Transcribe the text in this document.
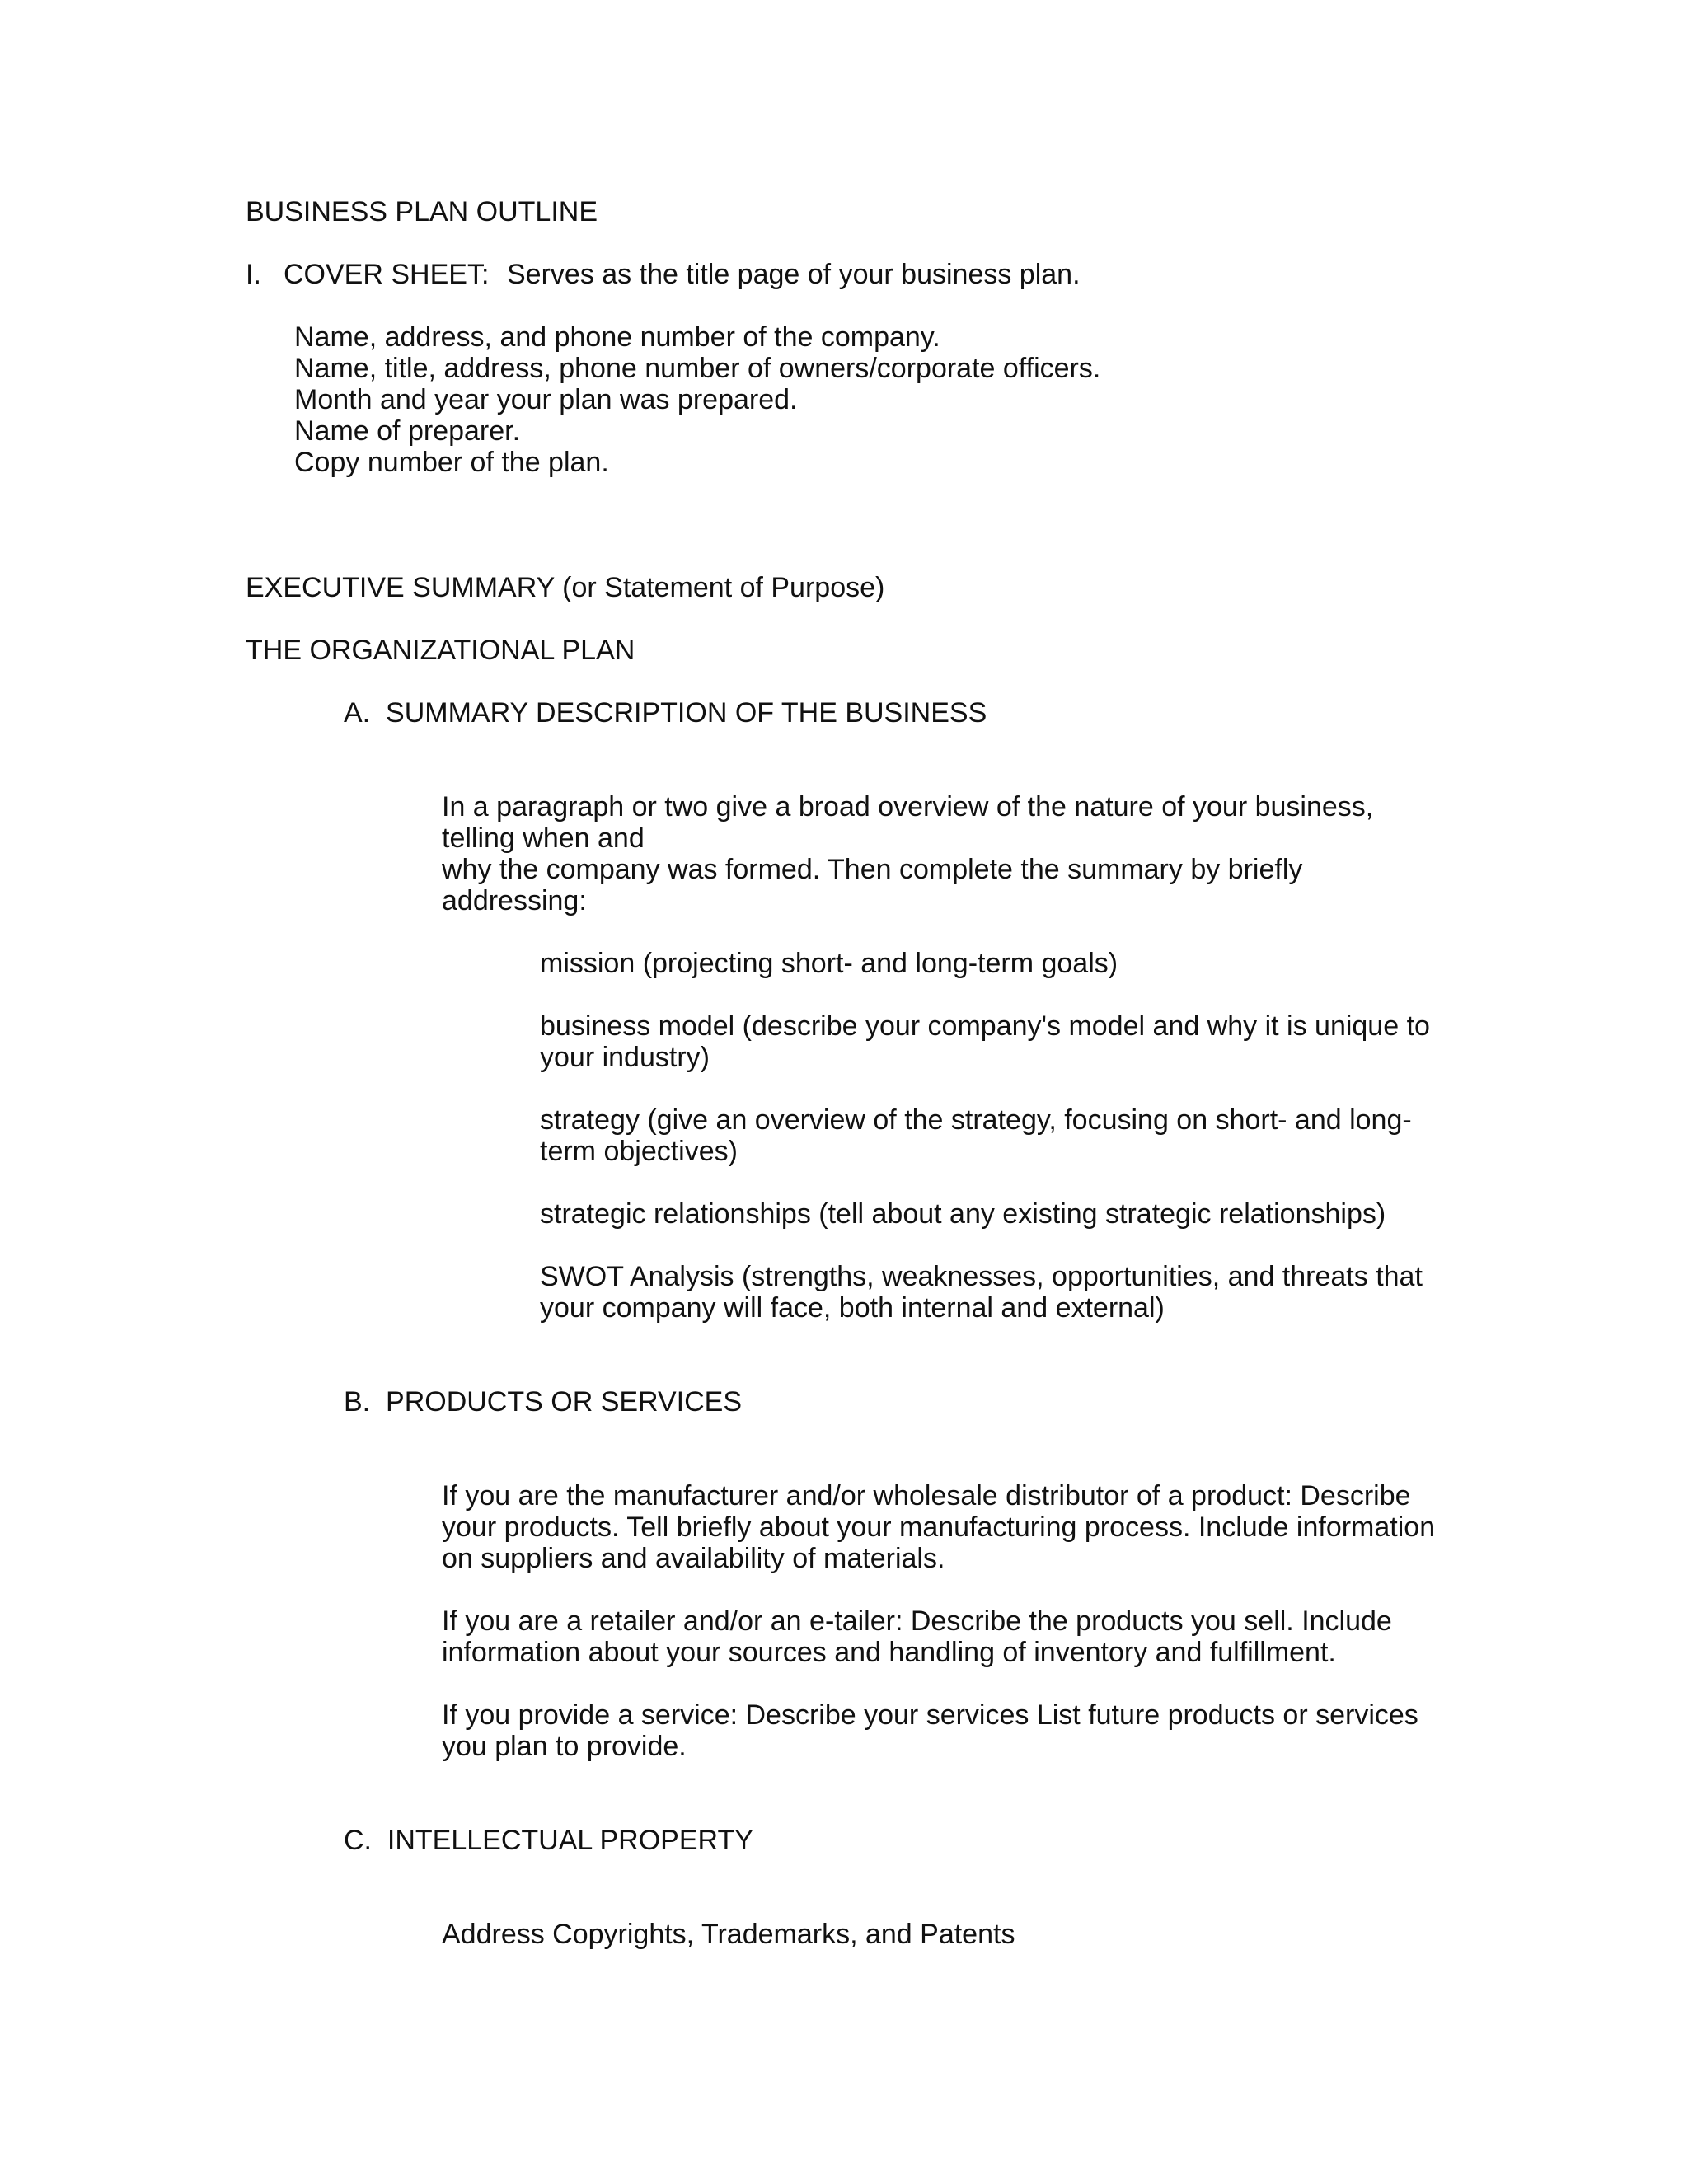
BUSINESS PLAN OUTLINE

I. COVER SHEET: Serves as the title page of your business plan.

Name, address, and phone number of the company.
Name, title, address, phone number of owners/corporate officers.
Month and year your plan was prepared.
Name of preparer.
Copy number of the plan.

EXECUTIVE SUMMARY (or Statement of Purpose)

THE ORGANIZATIONAL PLAN

A.  SUMMARY DESCRIPTION OF THE BUSINESS

In a paragraph or two give a broad overview of the nature of your business,
telling when and
why the company was formed. Then complete the summary by briefly
addressing:
mission (projecting short- and long-term goals)
business model (describe your company's model and why it is unique to
your industry)
strategy (give an overview of the strategy, focusing on short- and long-
term objectives)
strategic relationships (tell about any existing strategic relationships)
SWOT Analysis (strengths, weaknesses, opportunities, and threats that
your company will face, both internal and external)

B.  PRODUCTS OR SERVICES

If you are the manufacturer and/or wholesale distributor of a product: Describe
your products. Tell briefly about your manufacturing process. Include information
on suppliers and availability of materials.
If you are a retailer and/or an e-tailer: Describe the products you sell. Include
information about your sources and handling of inventory and fulfillment.
If you provide a service: Describe your services List future products or services
you plan to provide.

C.  INTELLECTUAL PROPERTY

Address Copyrights, Trademarks, and Patents
